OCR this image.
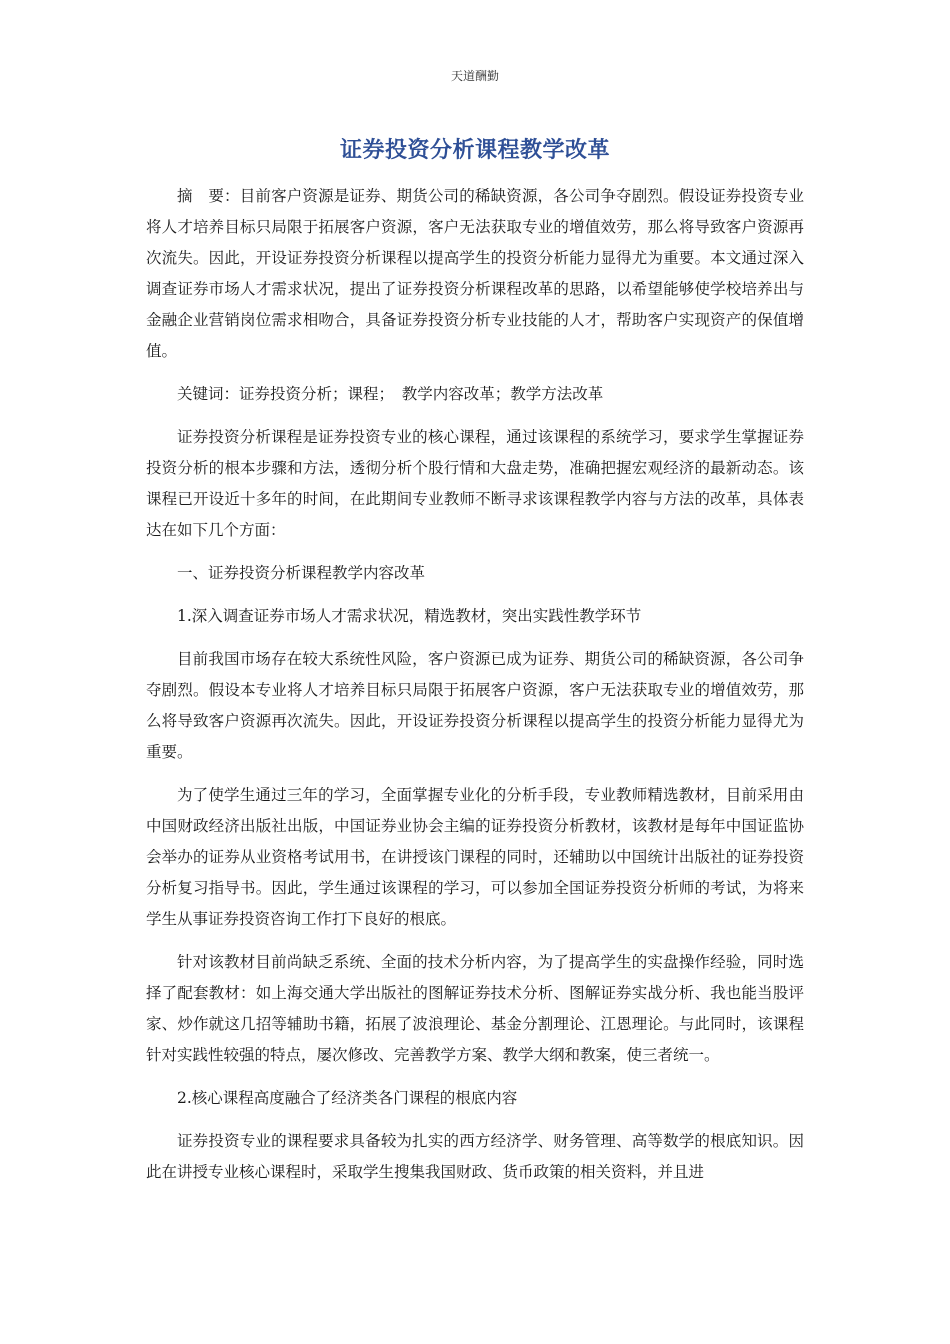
天道酬勤
证券投资分析课程教学改革

摘　要：目前客户资源是证券、期货公司的稀缺资源，各公司争夺剧烈。假设证券投资专业将人才培养目标只局限于拓展客户资源，客户无法获取专业的增值效劳，那么将导致客户资源再次流失。因此，开设证券投资分析课程以提高学生的投资分析能力显得尤为重要。本文通过深入调查证券市场人才需求状况，提出了证券投资分析课程改革的思路，以希望能够使学校培养出与金融企业营销岗位需求相吻合，具备证券投资分析专业技能的人才，帮助客户实现资产的保值增值。

关键词：证券投资分析；课程；　教学内容改革；教学方法改革

证券投资分析课程是证券投资专业的核心课程，通过该课程的系统学习，要求学生掌握证券投资分析的根本步骤和方法，透彻分析个股行情和大盘走势，准确把握宏观经济的最新动态。该课程已开设近十多年的时间，在此期间专业教师不断寻求该课程教学内容与方法的改革，具体表达在如下几个方面：

一、证券投资分析课程教学内容改革

1.深入调查证券市场人才需求状况，精选教材，突出实践性教学环节

目前我国市场存在较大系统性风险，客户资源已成为证券、期货公司的稀缺资源，各公司争夺剧烈。假设本专业将人才培养目标只局限于拓展客户资源，客户无法获取专业的增值效劳，那么将导致客户资源再次流失。因此，开设证券投资分析课程以提高学生的投资分析能力显得尤为重要。

为了使学生通过三年的学习，全面掌握专业化的分析手段，专业教师精选教材，目前采用由中国财政经济出版社出版，中国证券业协会主编的证券投资分析教材，该教材是每年中国证监协会举办的证券从业资格考试用书，在讲授该门课程的同时，还辅助以中国统计出版社的证券投资分析复习指导书。因此，学生通过该课程的学习，可以参加全国证券投资分析师的考试，为将来学生从事证券投资咨询工作打下良好的根底。

针对该教材目前尚缺乏系统、全面的技术分析内容，为了提高学生的实盘操作经验，同时选择了配套教材：如上海交通大学出版社的图解证券技术分析、图解证券实战分析、我也能当股评家、炒作就这几招等辅助书籍，拓展了波浪理论、基金分割理论、江恩理论。与此同时，该课程针对实践性较强的特点，屡次修改、完善教学方案、教学大纲和教案，使三者统一。

2.核心课程高度融合了经济类各门课程的根底内容

证券投资专业的课程要求具备较为扎实的西方经济学、财务管理、高等数学的根底知识。因此在讲授专业核心课程时，采取学生搜集我国财政、货币政策的相关资料，并且进
